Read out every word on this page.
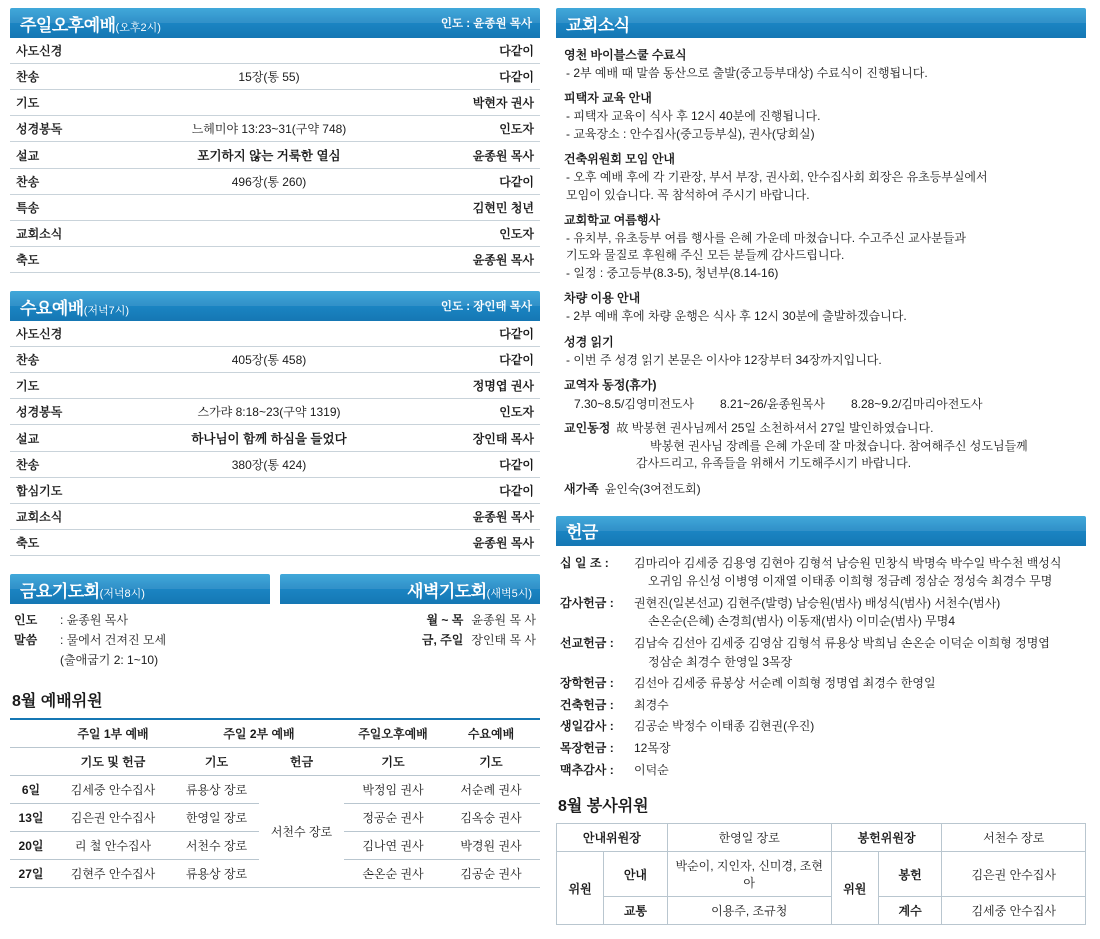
주일오후예배(오후2시)	인도 : 윤종원 목사
사도신경		다같이
찬송	15장(통 55)	다같이
기도		박현자 권사
성경봉독	느헤미야 13:23~31(구약 748)	인도자
설교	포기하지 않는 거룩한 열심	윤종원 목사
찬송	496장(통 260)	다같이
특송		김현민 청년
교회소식		인도자
축도		윤종원 목사
수요예배(저녁7시)	인도 : 장인태 목사
사도신경		다같이
찬송	405장(통 458)	다같이
기도		정명엽 권사
성경봉독	스가랴 8:18~23(구약 1319)	인도자
설교	하나님이 함께 하심을 들었다	장인태 목사
찬송	380장(통 424)	다같이
합심기도		다같이
교회소식		윤종원 목사
축도		윤종원 목사
금요기도회(저녁8시)
인도	: 윤종원 목사
말씀	: 물에서 건져진 모세
(출애굽기 2: 1~10)
새벽기도회(새벽5시)
월 ~ 목 윤종원 목 사
금, 주일 장인태 목 사
8월 예배위원
	주일 1부 예배	주일 2부 예배		주일오후예배	수요예배
	기도 및 헌금	기도	헌금	기도	기도
6일	김세중 안수집사	류용상 장로	서천수 장로	박정임 권사	서순례 권사
13일	김은권 안수집사	한영일 장로		정공순 권사	김옥숭 권사
20일	리 철 안수집사	서천수 장로		김나연 권사	박경원 권사
27일	김현주 안수집사	류용상 장로		손온순 권사	김공순 권사
교회소식
영천 바이블스쿨 수료식
- 2부 예배 때 말씀 동산으로 출발(중고등부대상) 수료식이 진행됩니다.
피택자 교육 안내
- 피택자 교육이 식사 후 12시 40분에 진행됩니다.
- 교육장소 : 안수집사(중고등부실), 권사(당회실)
건축위원회 모임 안내
- 오후 예배 후에 각 기관장, 부서 부장, 권사회, 안수집사회 회장은 유초등부실에서
모임이 있습니다. 꼭 참석하여 주시기 바랍니다.
교회학교 여름행사
- 유치부, 유초등부 여름 행사를 은혜 가운데 마쳤습니다. 수고주신 교사분들과
기도와 물질로 후원해 주신 모든 분들께 감사드립니다.
- 일정 : 중고등부(8.3-5), 청년부(8.14-16)
차량 이용 안내
- 2부 예배 후에 차량 운행은 식사 후 12시 30분에 출발하겠습니다.
성경 읽기
- 이번 주 성경 읽기 본문은 이사야 12장부터 34장까지입니다.
교역자 동정(휴가)
7.30~8.5/김영미전도사 8.21~26/윤종원목사 8.28~9.2/김마리아전도사
교인동정 故 박봉현 권사님께서 25일 소천하셔서 27일 발인하였습니다.
박봉현 권사님 장례를 은혜 가운데 잘 마쳤습니다. 참여해주신 성도님들께
감사드리고, 유족들을 위해서 기도해주시기 바랍니다.
새가족 윤인숙(3여전도회)
헌금
십 일 조 :	김마리아 김세중 김용영 김현아 김형석 남승원 민창식 박명숙 박수일 박수천 백성식
오귀임 유신성 이병영 이재열 이태종 이희형 정금례 정삼순 정성숙 최경수 무명
감사헌금 :	권현진(일본선교) 김현주(발령) 남승원(범사) 배성식(범사) 서천수(범사)
손온순(은혜) 손경희(범사) 이동재(범사) 이미순(범사) 무명4
선교헌금 :	김남숙 김선아 김세중 김영삼 김형석 류용상 박희님 손온순 이덕순 이희형 정명엽
정삼순 최경수 한영일 3목장
장학헌금 :	김선아 김세중 류봉상 서순례 이희형 정명엽 최경수 한영일
건축헌금 :	최경수
생일감사 :	김공순 박정수 이태종 김현권(우진)
목장헌금 :	12목장
맥추감사 :	이덕순
8월 봉사위원
안내위원장		한영일 장로	봉헌위원장		서천수 장로
위원	안내	박순이, 지인자, 신미경, 조현아	위원	봉헌	김은권 안수집사
	교통	이용주, 조규청		계수	김세중 안수집사
